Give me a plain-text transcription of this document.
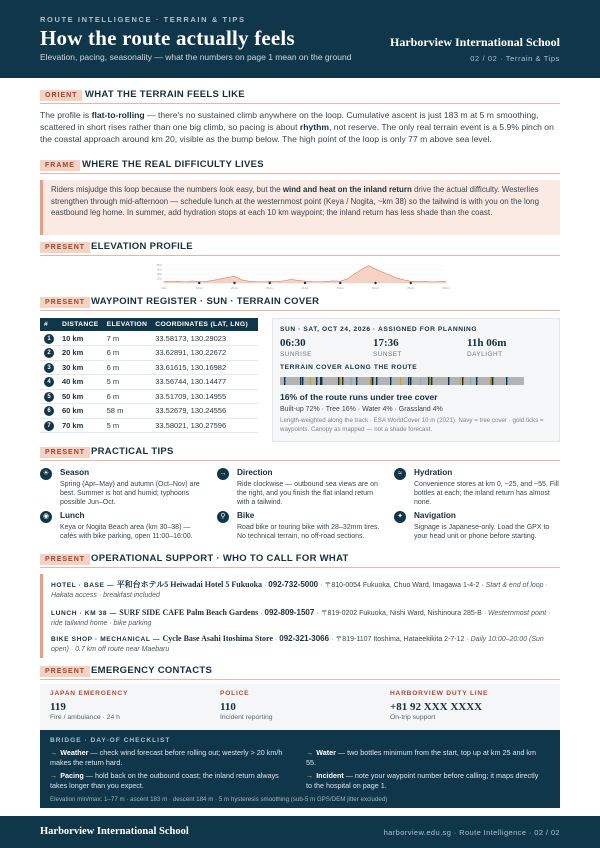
ROUTE INTELLIGENCE · TERRAIN & TIPS
How the route actually feels
Elevation, pacing, seasonality — what the numbers on page 1 mean on the ground
Harborview International School
02 / 02 · Terrain & Tips
ORIENT WHAT THE TERRAIN FEELS LIKE
The profile is flat-to-rolling — there's no sustained climb anywhere on the loop. Cumulative ascent is just 183 m at 5 m smoothing, scattered in short rises rather than one big climb, so pacing is about rhythm, not reserve. The only real terrain event is a 5.9% pinch on the coastal approach around km 20, visible as the bump below. The high point of the loop is only 77 m above sea level.
FRAME WHERE THE REAL DIFFICULTY LIVES
Riders misjudge this loop because the numbers look easy, but the wind and heat on the inland return drive the actual difficulty. Westerlies strengthen through mid-afternoon — schedule lunch at the westernmost point (Keya / Nogita, ~km 38) so the tailwind is with you on the long eastbound leg home. In summer, add hydration stops at each 10 km waypoint; the inland return has less shade than the coast.
PRESENT ELEVATION PROFILE
80m
60m
40m
20m
0 km	10 km	20 km	30 km	40 km	50 km	60 km	70 km	80 km
PRESENT WAYPOINT REGISTER · SUN · TERRAIN COVER
#	DISTANCE	ELEVATION	COORDINATES (LAT, LNG)
1	10 km	7 m	33.58173, 130.29023
2	20 km	6 m	33.62891, 130.22672
3	30 km	6 m	33.61615, 130.16982
4	40 km	5 m	33.56744, 130.14477
5	50 km	6 m	33.51709, 130.14955
6	60 km	58 m	33.52679, 130.24556
7	70 km	5 m	33.58021, 130.27596
SUN · SAT, OCT 24, 2026 · ASSIGNED FOR PLANNING
06:30
SUNRISE
17:36
SUNSET
11h 06m
DAYLIGHT
TERRAIN COVER ALONG THE ROUTE
16% of the route runs under tree cover
Built-up 72% · Tree 16% · Water 4% · Grassland 4%
Length-weighted along the track · ESA WorldCover 10 m (2021). Navy = tree cover · gold ticks = waypoints. Canopy as mapped — not a shade forecast.
PRESENT PRACTICAL TIPS
☀	Season
Spring (Apr–May) and autumn (Oct–Nov) are best. Summer is hot and humid; typhoons possible Jun–Oct.
→	Direction
Ride clockwise — outbound sea views are on the right, and you finish the flat inland return with a tailwind.
≈	Hydration
Convenience stores at km 0, ~25, and ~55. Fill bottles at each; the inland return has almost none.
◉	Lunch
Keya or Nogita Beach area (km 30–38) — cafés with bike parking, open 11:00–16:00.
⚲	Bike
Road bike or touring bike with 28–32mm tires. No technical terrain, no off-road sections.
✦	Navigation
Signage is Japanese-only. Load the GPX to your head unit or phone before starting.
PRESENT OPERATIONAL SUPPORT · WHO TO CALL FOR WHAT
HOTEL · BASE — 平和台ホテル5 Heiwadai Hotel 5 Fukuoka · 092-732-5000 · 〒810-0054 Fukuoka, Chuo Ward, Imagawa 1-4-2 · Start & end of loop · Hakata access · breakfast included
LUNCH · KM 38 — SURF SIDE CAFE Palm Beach Gardens · 092-809-1507 · 〒819-0202 Fukuoka, Nishi Ward, Nishinoura 285-B · Westernmost point · ride tailwind home · bike parking
BIKE SHOP · MECHANICAL — Cycle Base Asahi Itoshima Store · 092-321-3066 · 〒819-1107 Itoshima, Hataeekikita 2-7-12 · Daily 10:00–20:00 (Sun open) · 0.7 km off route near Maebaru
PRESENT EMERGENCY CONTACTS
JAPAN EMERGENCY
119
Fire / ambulance · 24 h
POLICE
110
Incident reporting
HARBORVIEW DUTY LINE
+81 92 XXX XXXX
On-trip support
BRIDGE · DAY-OF CHECKLIST
→ Weather — check wind forecast before rolling out; westerly > 20 km/h makes the return hard.
→ Water — two bottles minimum from the start, top up at km 25 and km 55.
→ Pacing — hold back on the outbound coast; the inland return always takes longer than you expect.
→ Incident — note your waypoint number before calling; it maps directly to the hospital on page 1.
Elevation min/max: 1–77 m · ascent 183 m · descent 184 m · 5 m hysteresis smoothing (sub-5 m GPS/DEM jitter excluded)
Harborview International School	harborview.edu.sg · Route Intelligence · 02 / 02
